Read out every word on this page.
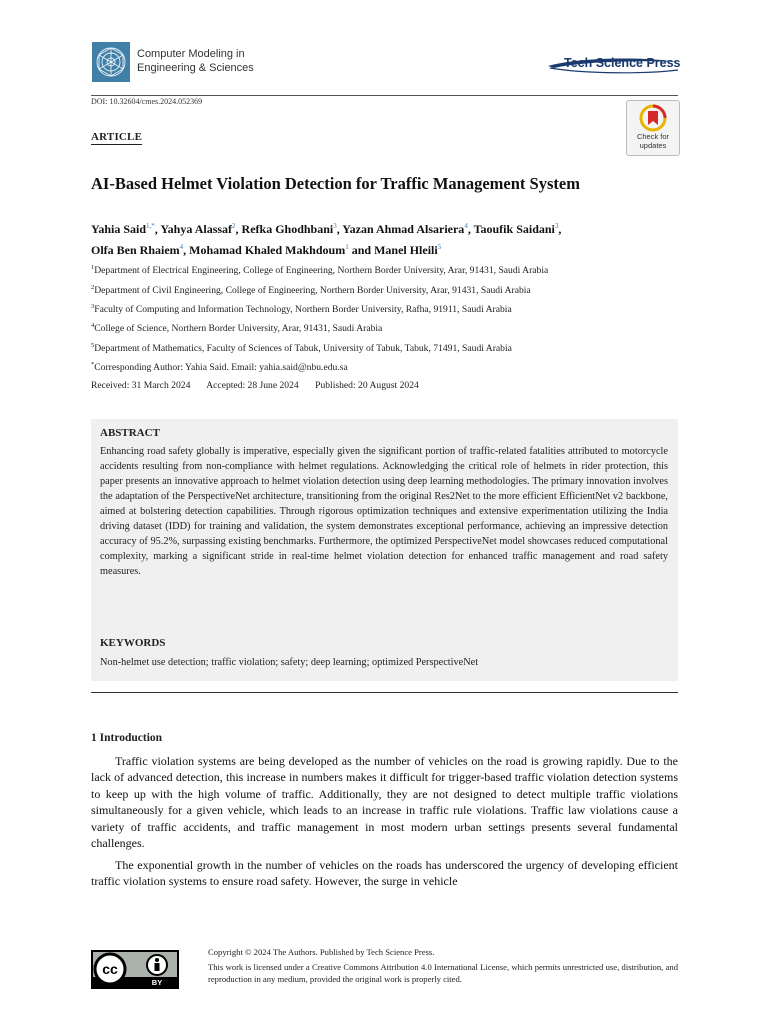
Computer Modeling in
Engineering & Sciences	Tech Science Press
DOI: 10.32604/cmes.2024.052369
ARTICLE	Check for
updates
AI-Based Helmet Violation Detection for Traffic Management System
Yahia Said$^{1,*}$, Yahya Alassaf$^2$, Refka Ghodhbani$^3$, Yazan Ahmad Alsariera$^4$, Taoufik Saidani$^3$,
Olfa Ben Rhaiem$^4$, Mohamad Khaled Makhdoum$^1$ and Manel Hleili$^5$
$^1$Department of Electrical Engineering, College of Engineering, Northern Border University, Arar, 91431, Saudi Arabia
$^2$Department of Civil Engineering, College of Engineering, Northern Border University, Arar, 91431, Saudi Arabia
$^3$Faculty of Computing and Information Technology, Northern Border University, Rafha, 91911, Saudi Arabia
$^4$College of Science, Northern Border University, Arar, 91431, Saudi Arabia
$^5$Department of Mathematics, Faculty of Sciences of Tabuk, University of Tabuk, Tabuk, 71491, Saudi Arabia
*Corresponding Author: Yahia Said. Email: yahia.said@nbu.edu.sa
Received: 31 March 2024 Accepted: 28 June 2024 Published: 20 August 2024
ABSTRACT
Enhancing road safety globally is imperative, especially given the significant portion of traffic-related fatalities attributed to motorcycle accidents resulting from non-compliance with helmet regulations. Acknowledging the critical role of helmets in rider protection, this paper presents an innovative approach to helmet violation detection using deep learning methodologies. The primary innovation involves the adaptation of the PerspectiveNet architecture, transitioning from the original Res2Net to the more efficient EfficientNet v2 backbone, aimed at bolstering detection capabilities. Through rigorous optimization techniques and extensive experimentation utilizing the India driving dataset (IDD) for training and validation, the system demonstrates exceptional performance, achieving an impressive detection accuracy of 95.2%, surpassing existing benchmarks. Furthermore, the optimized PerspectiveNet model showcases reduced computational complexity, marking a significant stride in real-time helmet violation detection for enhanced traffic management and road safety measures.
KEYWORDS
Non-helmet use detection; traffic violation; safety; deep learning; optimized PerspectiveNet
1 Introduction
Traffic violation systems are being developed as the number of vehicles on the road is growing rapidly. Due to the lack of advanced detection, this increase in numbers makes it difficult for trigger-based traffic violation detection systems to keep up with the high volume of traffic. Additionally, they are not designed to detect multiple traffic violations simultaneously for a given vehicle, which leads to an increase in traffic rule violations. Traffic law violations cause a variety of traffic accidents, and traffic management in most modern urban settings presents several fundamental challenges.
The exponential growth in the number of vehicles on the roads has underscored the urgency of developing efficient traffic violation systems to ensure road safety. However, the surge in vehicle
cc
BY
Copyright © 2024 The Authors. Published by Tech Science Press.
This work is licensed under a Creative Commons Attribution 4.0 International License, which permits unrestricted use, distribution, and reproduction in any medium, provided the original work is properly cited.
